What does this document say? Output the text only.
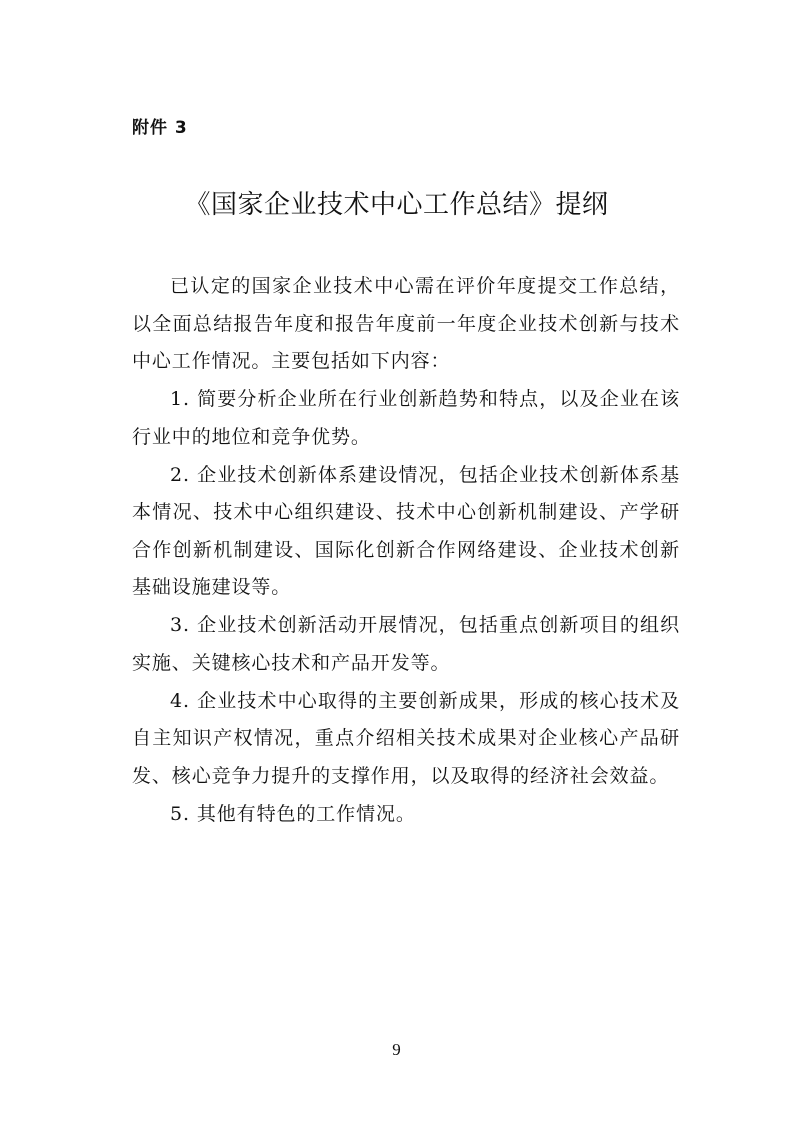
附件 3
《国家企业技术中心工作总结》提纲

已认定的国家企业技术中心需在评价年度提交工作总结，以全面总结报告年度和报告年度前一年度企业技术创新与技术中心工作情况。主要包括如下内容：

1. 简要分析企业所在行业创新趋势和特点，以及企业在该行业中的地位和竞争优势。

2. 企业技术创新体系建设情况，包括企业技术创新体系基本情况、技术中心组织建设、技术中心创新机制建设、产学研合作创新机制建设、国际化创新合作网络建设、企业技术创新基础设施建设等。

3. 企业技术创新活动开展情况，包括重点创新项目的组织实施、关键核心技术和产品开发等。

4. 企业技术中心取得的主要创新成果，形成的核心技术及自主知识产权情况，重点介绍相关技术成果对企业核心产品研发、核心竞争力提升的支撑作用，以及取得的经济社会效益。

5. 其他有特色的工作情况。

9
